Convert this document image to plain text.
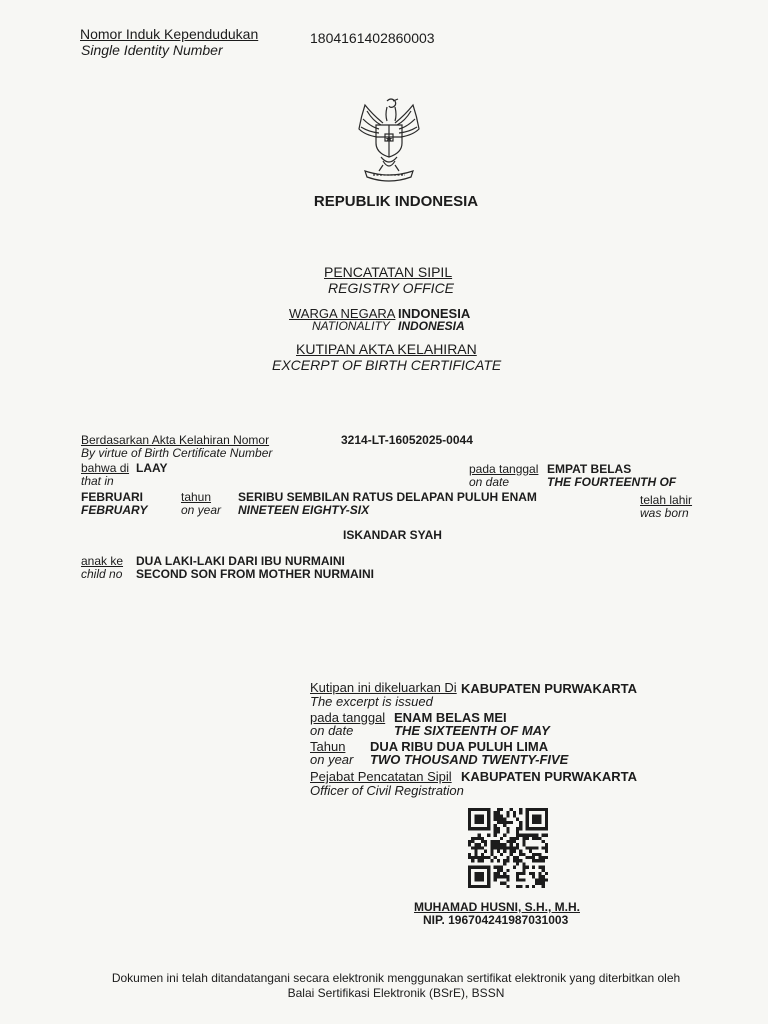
Nomor Induk Kependudukan
Single Identity Number
1804161402860003
REPUBLIK INDONESIA
PENCATATAN SIPIL
REGISTRY OFFICE
WARGA NEGARA INDONESIA
NATIONALITY INDONESIA
KUTIPAN AKTA KELAHIRAN
EXCERPT OF BIRTH CERTIFICATE
Berdasarkan Akta Kelahiran Nomor
By virtue of Birth Certificate Number
3214-LT-16052025-0044
bahwa di LAAY
that in
pada tanggal
on date
EMPAT BELAS
THE FOURTEENTH OF
FEBRUARI
FEBRUARY
tahun
on year
SERIBU SEMBILAN RATUS DELAPAN PULUH ENAM
NINETEEN EIGHTY-SIX
telah lahir
was born
ISKANDAR SYAH
anak ke
child no
DUA LAKI-LAKI DARI IBU NURMAINI
SECOND SON FROM MOTHER NURMAINI
Kutipan ini dikeluarkan Di
The excerpt is issued
KABUPATEN PURWAKARTA
pada tanggal
on date
ENAM BELAS MEI
THE SIXTEENTH OF MAY
Tahun
on year
DUA RIBU DUA PULUH LIMA
TWO THOUSAND TWENTY-FIVE
Pejabat Pencatatan Sipil
Officer of Civil Registration
KABUPATEN PURWAKARTA
MUHAMAD HUSNI, S.H., M.H.
NIP. 196704241987031003
Dokumen ini telah ditandatangani secara elektronik menggunakan sertifikat elektronik yang diterbitkan oleh
Balai Sertifikasi Elektronik (BSrE), BSSN
